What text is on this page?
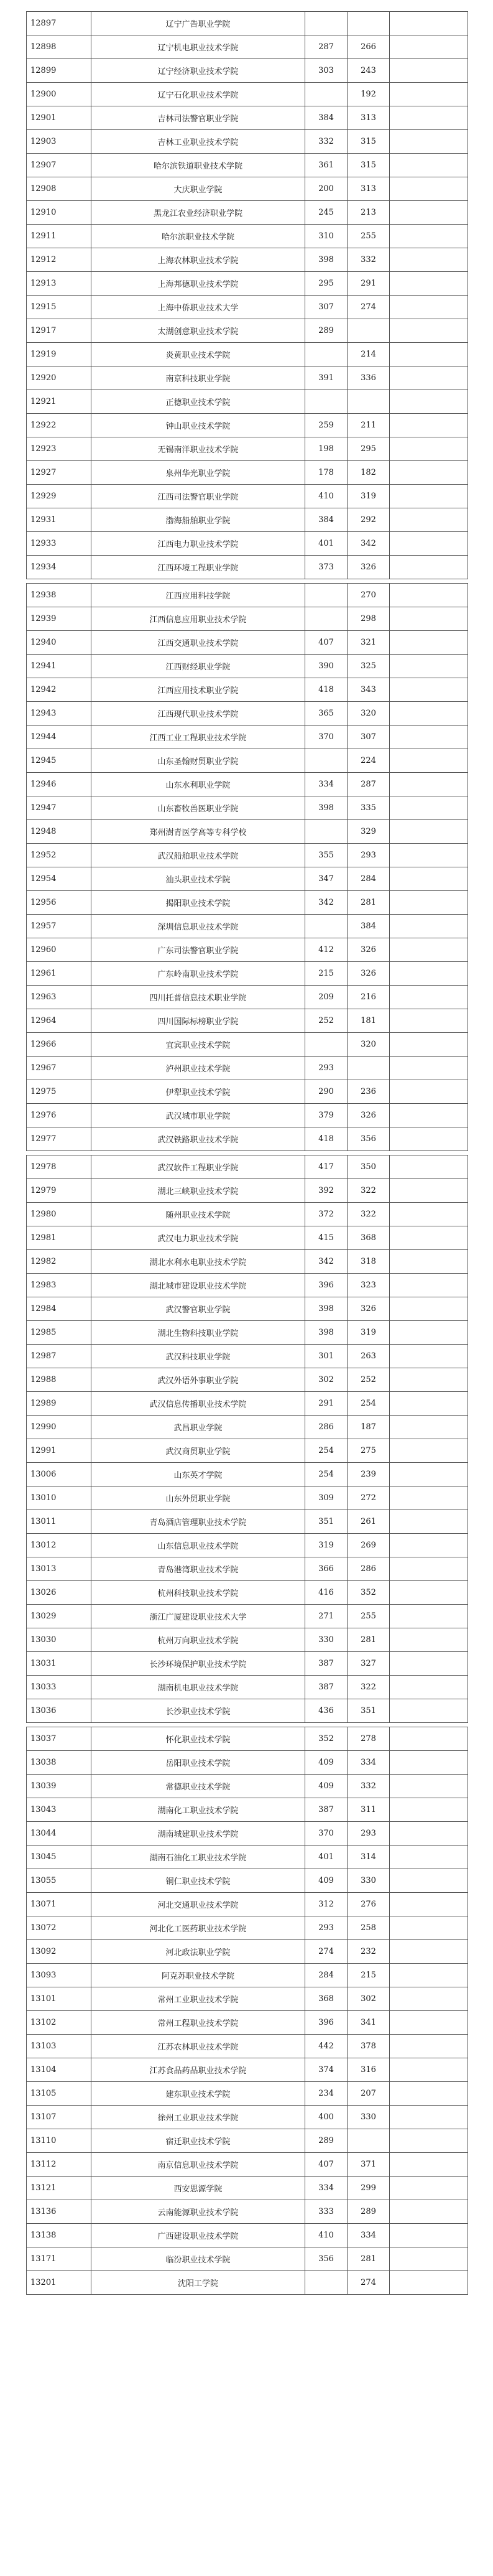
12897	辽宁广告职业学院			
12898	辽宁机电职业技术学院	287	266	
12899	辽宁经济职业技术学院	303	243	
12900	辽宁石化职业技术学院		192	
12901	吉林司法警官职业学院	384	313	
12903	吉林工业职业技术学院	332	315	
12907	哈尔滨铁道职业技术学院	361	315	
12908	大庆职业学院	200	313	
12910	黑龙江农业经济职业学院	245	213	
12911	哈尔滨职业技术学院	310	255	
12912	上海农林职业技术学院	398	332	
12913	上海邦德职业技术学院	295	291	
12915	上海中侨职业技术大学	307	274	
12917	太湖创意职业技术学院	289		
12919	炎黄职业技术学院		214	
12920	南京科技职业学院	391	336	
12921	正德职业技术学院			
12922	钟山职业技术学院	259	211	
12923	无锡南洋职业技术学院	198	295	
12927	泉州华光职业学院	178	182	
12929	江西司法警官职业学院	410	319	
12931	渤海船舶职业学院	384	292	
12933	江西电力职业技术学院	401	342	
12934	江西环境工程职业学院	373	326	
12938	江西应用科技学院		270	
12939	江西信息应用职业技术学院		298	
12940	江西交通职业技术学院	407	321	
12941	江西财经职业学院	390	325	
12942	江西应用技术职业学院	418	343	
12943	江西现代职业技术学院	365	320	
12944	江西工业工程职业技术学院	370	307	
12945	山东圣翰财贸职业学院		224	
12946	山东水利职业学院	334	287	
12947	山东畜牧兽医职业学院	398	335	
12948	郑州澍青医学高等专科学校		329	
12952	武汉船舶职业技术学院	355	293	
12954	汕头职业技术学院	347	284	
12956	揭阳职业技术学院	342	281	
12957	深圳信息职业技术学院		384	
12960	广东司法警官职业学院	412	326	
12961	广东岭南职业技术学院	215	326	
12963	四川托普信息技术职业学院	209	216	
12964	四川国际标榜职业学院	252	181	
12966	宜宾职业技术学院		320	
12967	泸州职业技术学院	293		
12975	伊犁职业技术学院	290	236	
12976	武汉城市职业学院	379	326	
12977	武汉铁路职业技术学院	418	356	
12978	武汉软件工程职业学院	417	350	
12979	湖北三峡职业技术学院	392	322	
12980	随州职业技术学院	372	322	
12981	武汉电力职业技术学院	415	368	
12982	湖北水利水电职业技术学院	342	318	
12983	湖北城市建设职业技术学院	396	323	
12984	武汉警官职业学院	398	326	
12985	湖北生物科技职业学院	398	319	
12987	武汉科技职业学院	301	263	
12988	武汉外语外事职业学院	302	252	
12989	武汉信息传播职业技术学院	291	254	
12990	武昌职业学院	286	187	
12991	武汉商贸职业学院	254	275	
13006	山东英才学院	254	239	
13010	山东外贸职业学院	309	272	
13011	青岛酒店管理职业技术学院	351	261	
13012	山东信息职业技术学院	319	269	
13013	青岛港湾职业技术学院	366	286	
13026	杭州科技职业技术学院	416	352	
13029	浙江广厦建设职业技术大学	271	255	
13030	杭州万向职业技术学院	330	281	
13031	长沙环境保护职业技术学院	387	327	
13033	湖南机电职业技术学院	387	322	
13036	长沙职业技术学院	436	351	
13037	怀化职业技术学院	352	278	
13038	岳阳职业技术学院	409	334	
13039	常德职业技术学院	409	332	
13043	湖南化工职业技术学院	387	311	
13044	湖南城建职业技术学院	370	293	
13045	湖南石油化工职业技术学院	401	314	
13055	铜仁职业技术学院	409	330	
13071	河北交通职业技术学院	312	276	
13072	河北化工医药职业技术学院	293	258	
13092	河北政法职业学院	274	232	
13093	阿克苏职业技术学院	284	215	
13101	常州工业职业技术学院	368	302	
13102	常州工程职业技术学院	396	341	
13103	江苏农林职业技术学院	442	378	
13104	江苏食品药品职业技术学院	374	316	
13105	建东职业技术学院	234	207	
13107	徐州工业职业技术学院	400	330	
13110	宿迁职业技术学院	289		
13112	南京信息职业技术学院	407	371	
13121	西安思源学院	334	299	
13136	云南能源职业技术学院	333	289	
13138	广西建设职业技术学院	410	334	
13171	临汾职业技术学院	356	281	
13201	沈阳工学院		274	
